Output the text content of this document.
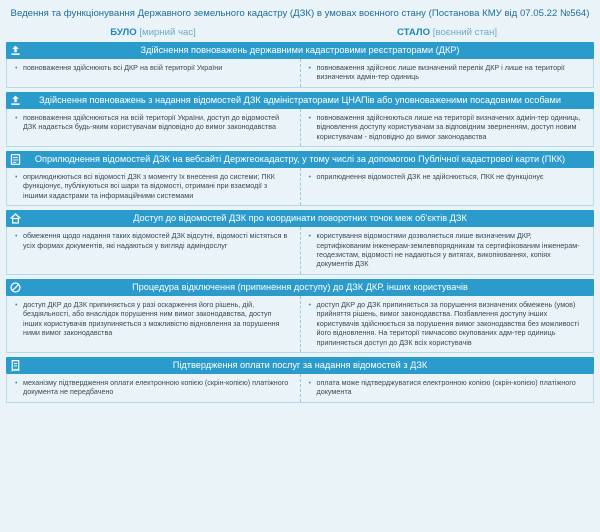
Ведення та функціонування Державного земельного кадастру (ДЗК) в умовах воєнного стану (Постанова КМУ від 07.05.22 №564)
БУЛО [мирний час]	СТАЛО [воєнний стан]
Здійснення повноважень державними кадастровими реєстраторами (ДКР)
• повноваження здійснюють всі ДКР на всій території України
•	повноваження здійснює лише визначений перелік ДКР і лише на території визначених адмін-тер одиниць
Здійснення повноважень з надання відомостей ДЗК адміністраторами ЦНАПів або уповноваженими посадовими особами
• повноваження здійснюються на всій території України, доступ до відомостей ДЗК надається будь-яким користувачам відповідно до вимог законодавства
• повноваження здійснюються лише на території визначених адмін-тер одиниць, відновлення доступу користувачам за відповідним зверненням, доступ новим користувачам - відповідно до вимог законодавства
Оприлюднення відомостей ДЗК на вебсайті Держгеокадастру, у тому числі за допомогою Публічної кадастрової карти (ПКК)
• оприлюднюються всі відомості ДЗК з моменту їх внесення до системи; ПКК функціонує, публікуються всі шари та відомості, отримані при взаємодії з іншими кадастрами та інформаційними системами
• оприлюднення відомостей ДЗК не здійснюється, ПКК не функціонує
Доступ до відомостей ДЗК про координати поворотних точок меж об'єктів ДЗК
• обмеження щодо надання таких відомостей ДЗК відсутні, відомості містяться в усіх формах документів, які надаються у вигляді адміндослуг
• користування відомостями дозволяється лише визначеним ДКР, сертифікованим інженерам-землевпорядникам та сертифікованим інженерам-геодезистам, відомості не надаються у витягах, викопіюваннях, копіях документів ДЗК
Процедура відключення (припинення доступу) до ДЗК ДКР, інших користувачів
• доступ ДКР до ДЗК припиняється у разі оскарження його рішень, дій, бездіяльності, або внаслідок порушення ним вимог законодавства, доступ інших користувачів призупиняється з можливістю відновлення за порушення ними вимог законодавства
• доступ ДКР до ДЗК припиняється за порушення визначених обмежень (умов) прийняття рішень, вимог законодавства. Позбавлення доступу інших користувачів здійснюється за порушення вимог законодавства без можливості його відновлення. На території тимчасово окупованих адм-тер одиниць припиняється доступ до ДЗК всіх користувачів
Підтвердження оплати послуг за надання відомостей з ДЗК
• механізму підтвердження оплати електронною копією (скрін-копією) платіжного документа не передбачено
• оплата може підтверджуватися електронною копією (скрін-копією) платіжного документа
